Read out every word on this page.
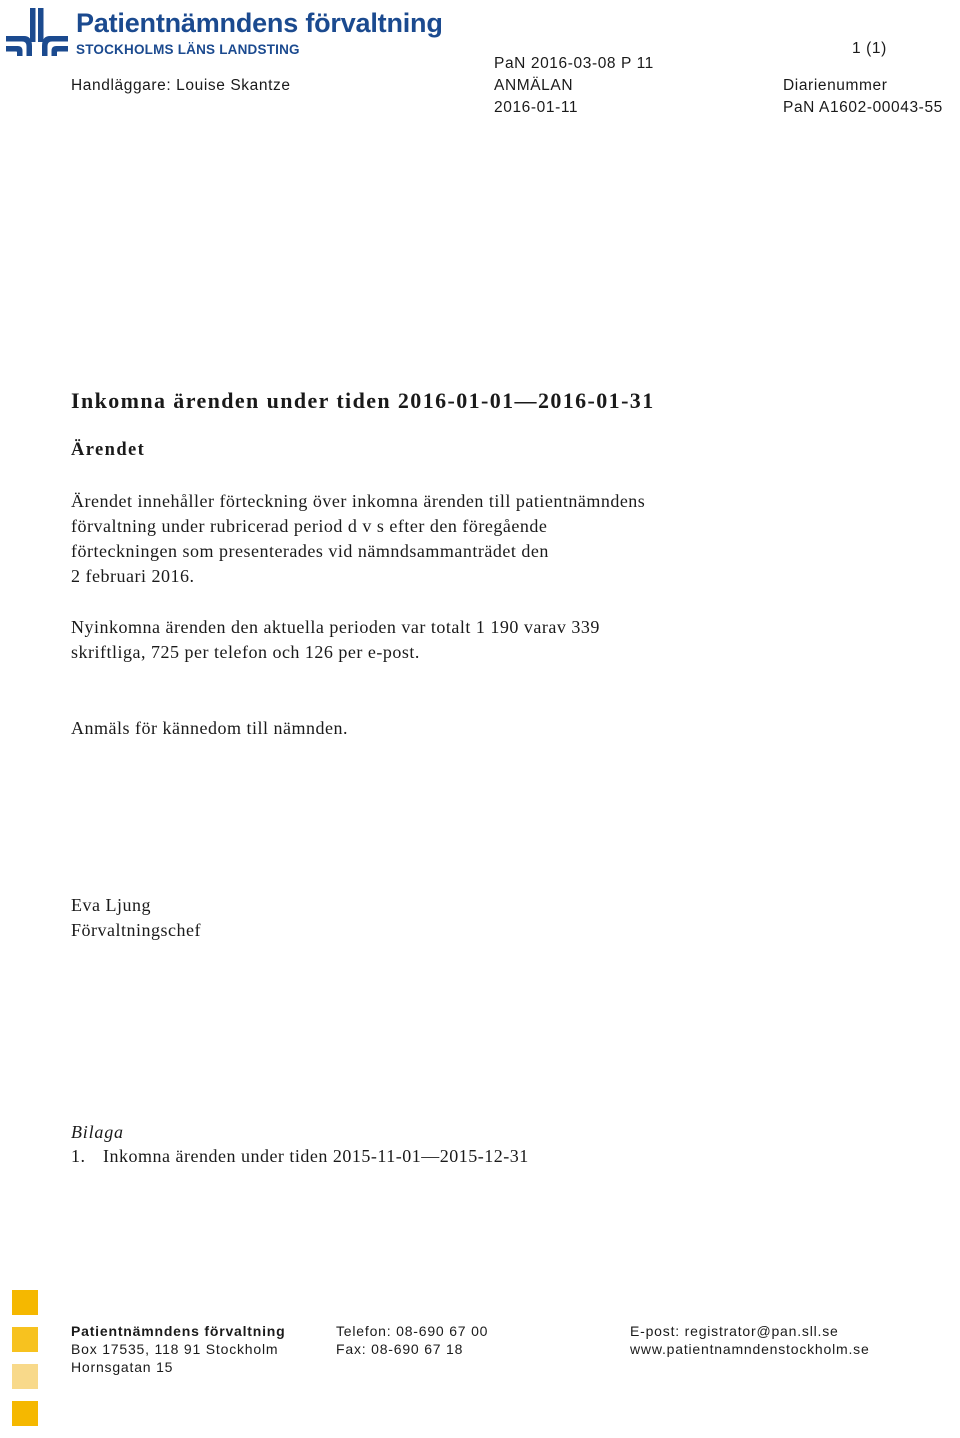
Patientnämndens förvaltning
STOCKHOLMS LÄNS LANDSTING	1 (1)
Handläggare: Louise Skantze
PaN 2016-03-08 P 11
ANMÄLAN
2016-01-11
Diarienummer
PaN A1602-00043-55
Inkomna ärenden under tiden 2016-01-01—2016-01-31
Ärendet
Ärendet innehåller förteckning över inkomna ärenden till patientnämndens
förvaltning under rubricerad period d v s efter den föregående
förteckningen som presenterades vid nämndsammanträdet den
2 februari 2016.
Nyinkomna ärenden den aktuella perioden var totalt 1 190 varav 339
skriftliga, 725 per telefon och 126 per e-post.
Anmäls för kännedom till nämnden.
Eva Ljung
Förvaltningschef
Bilaga
1. Inkomna ärenden under tiden 2015-11-01—2015-12-31
Patientnämndens förvaltning
Box 17535, 118 91 Stockholm
Hornsgatan 15
Telefon: 08-690 67 00
Fax: 08-690 67 18
E-post: registrator@pan.sll.se
www.patientnamndenstockholm.se
